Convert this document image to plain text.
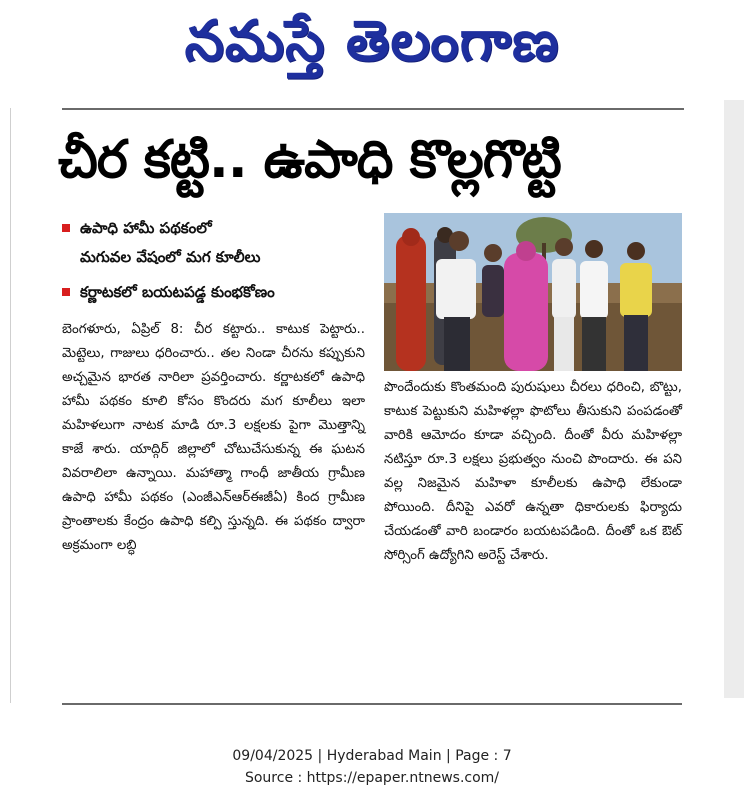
నమస్తే తెలంగాణ
చీర కట్టి.. ఉపాధి కొల్లగొట్టి
ఉపాధి హామీ పథకంలో
మగువల వేషంలో మగ కూలీలు
కర్ణాటకలో బయటపడ్డ కుంభకోణం

బెంగళూరు, ఏప్రిల్ 8: చీర కట్టారు.. కాటుక పెట్టారు.. మెట్టెలు, గాజులు ధరించారు.. తల నిండా చీరను కప్పుకుని అచ్చమైన భారత నారిలా ప్రవర్తించారు. కర్ణాటకలో ఉపాధి హామీ పథకం కూలి కోసం కొందరు మగ కూలీలు ఇలా మహిళలుగా నాటక మాడి రూ.3 లక్షలకు పైగా మొత్తాన్ని కాజే శారు. యాద్గిర్ జిల్లాలో చోటుచేసుకున్న ఈ ఘటన వివరాలిలా ఉన్నాయి. మహాత్మా గాంధీ జాతీయ గ్రామీణ ఉపాధి హామీ పథకం (ఎంజీఎన్ఆర్ఈజీఏ) కింద గ్రామీణ ప్రాంతాలకు కేంద్రం ఉపాధి కల్పి స్తున్నది. ఈ పథకం ద్వారా అక్రమంగా లబ్ధి

పొందేందుకు కొంతమంది పురుషులు చీరలు ధరించి, బొట్టు, కాటుక పెట్టుకుని మహిళల్లా ఫొటోలు తీసుకుని పంపడంతో వారికి ఆమోదం కూడా వచ్చింది. దీంతో వీరు మహిళల్లా నటిస్తూ రూ.3 లక్షలు ప్రభుత్వం నుంచి పొందారు. ఈ పని వల్ల నిజమైన మహిళా కూలీలకు ఉపాధి లేకుండా పోయింది. దీనిపై ఎవరో ఉన్నతా ధికారులకు ఫిర్యాదు చేయడంతో వారి బండారం బయటపడింది. దీంతో ఒక ఔట్ సోర్సింగ్ ఉద్యోగిని అరెస్ట్ చేశారు.

09/04/2025 | Hyderabad Main | Page : 7
Source : https://epaper.ntnews.com/
